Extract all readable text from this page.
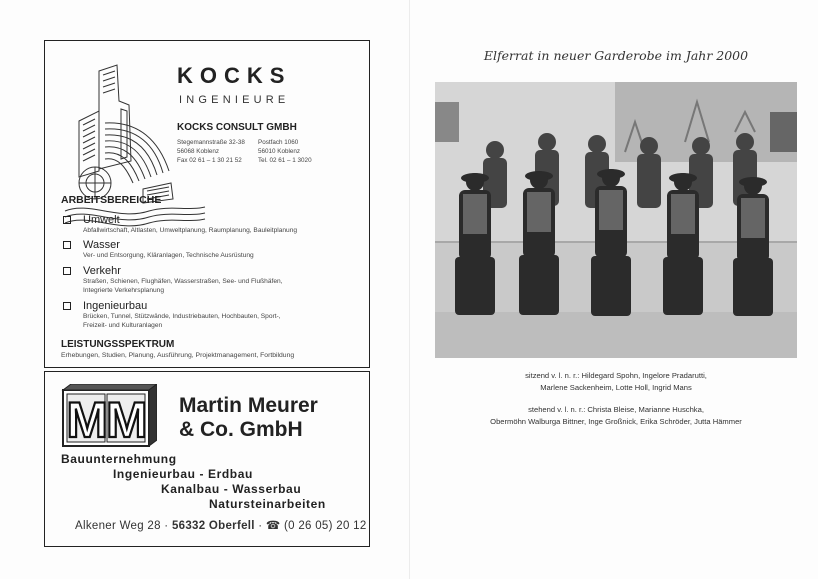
KOCKS
INGENIEURE
KOCKS CONSULT GMBH
Stegemannstraße 32-38
56068 Koblenz
Fax 02 61 – 1 30 21 52
Postfach 1060
56010 Koblenz
Tel. 02 61 – 1 3020
ARBEITSBEREICHE
Umwelt
Abfallwirtschaft, Altlasten, Umweltplanung, Raumplanung, Bauleitplanung
Wasser
Ver- und Entsorgung, Kläranlagen, Technische Ausrüstung
Verkehr
Straßen, Schienen, Flughäfen, Wasserstraßen, See- und Flußhäfen,
Integrierte Verkehrsplanung
Ingenieurbau
Brücken, Tunnel, Stützwände, Industriebauten, Hochbauten, Sport-,
Freizeit- und Kulturanlagen
LEISTUNGSSPEKTRUM
Erhebungen, Studien, Planung, Ausführung, Projektmanagement, Fortbildung
MM Martin Meurer
& Co. GmbH
Bauunternehmung
Ingenieurbau - Erdbau
Kanalbau - Wasserbau
Natursteinarbeiten
Alkener Weg 28 · 56332 Oberfell · ☎ (0 26 05) 20 12
Elferrat in neuer Garderobe im Jahr 2000
sitzend v. l. n. r.: Hildegard Spohn, Ingelore Pradarutti,
Marlene Sackenheim, Lotte Holl, Ingrid Mans
stehend v. l. n. r.: Christa Bleise, Marianne Huschka,
Obermöhn Walburga Bittner, Inge Großnick, Erika Schröder, Jutta Hämmer
